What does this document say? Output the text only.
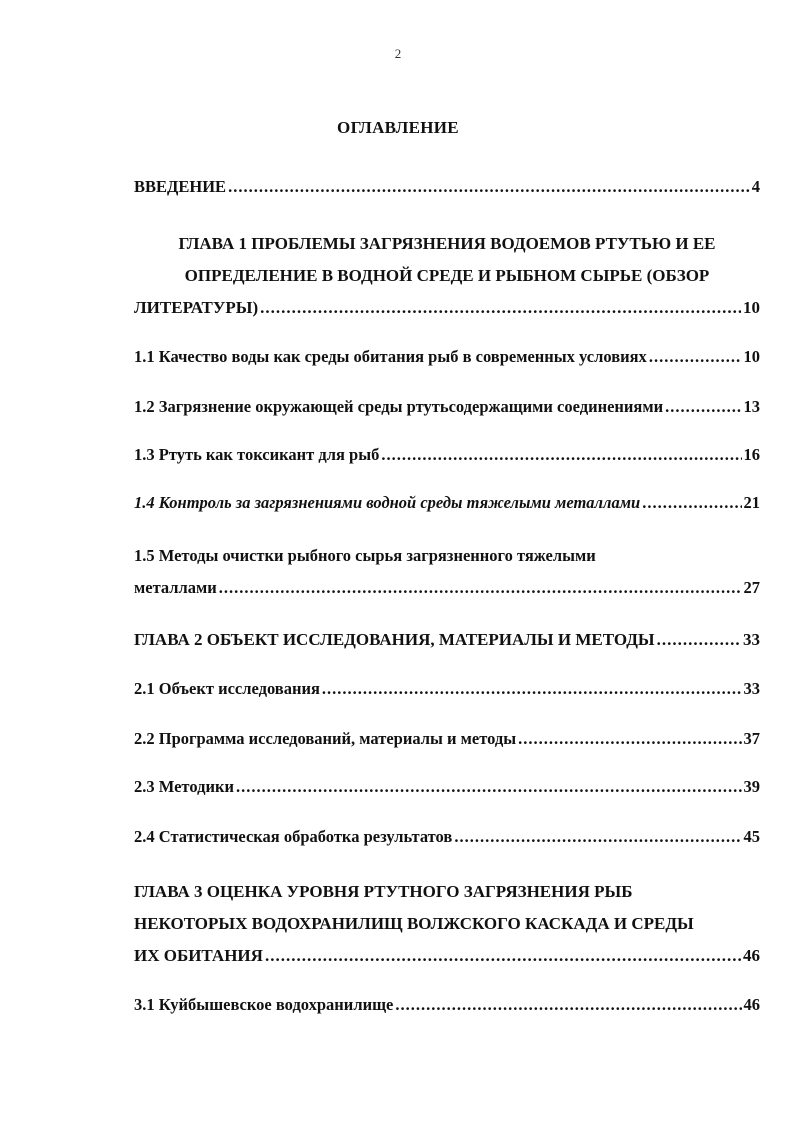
2
ОГЛАВЛЕНИЕ
ВВЕДЕНИЕ .....	4
ГЛАВА 1 ПРОБЛЕМЫ ЗАГРЯЗНЕНИЯ ВОДОЕМОВ РТУТЬЮ И ЕЕ
ОПРЕДЕЛЕНИЕ В ВОДНОЙ СРЕДЕ И РЫБНОМ СЫРЬЕ (ОБЗОР
ЛИТЕРАТУРЫ) .....	10
1.1 Качество воды как среды обитания рыб в современных условиях .....	10
1.2 Загрязнение окружающей среды ртутьсодержащими соединениями .....	13
1.3 Ртуть как токсикант для рыб .....	16
1.4 Контроль за загрязнениями водной среды тяжелыми металлами .....	21
1.5 Методы очистки рыбного сырья загрязненного тяжелыми
металлами .....	27
ГЛАВА 2 ОБЪЕКТ ИССЛЕДОВАНИЯ, МАТЕРИАЛЫ И МЕТОДЫ .....	33
2.1 Объект исследования .....	33
2.2 Программа исследований, материалы и методы .....	37
2.3 Методики .....	39
2.4 Статистическая обработка результатов .....	45
ГЛАВА 3 ОЦЕНКА УРОВНЯ РТУТНОГО ЗАГРЯЗНЕНИЯ РЫБ
НЕКОТОРЫХ ВОДОХРАНИЛИЩ ВОЛЖСКОГО КАСКАДА И СРЕДЫ
ИХ ОБИТАНИЯ .....	46
3.1 Куйбышевское водохранилище .....	46
